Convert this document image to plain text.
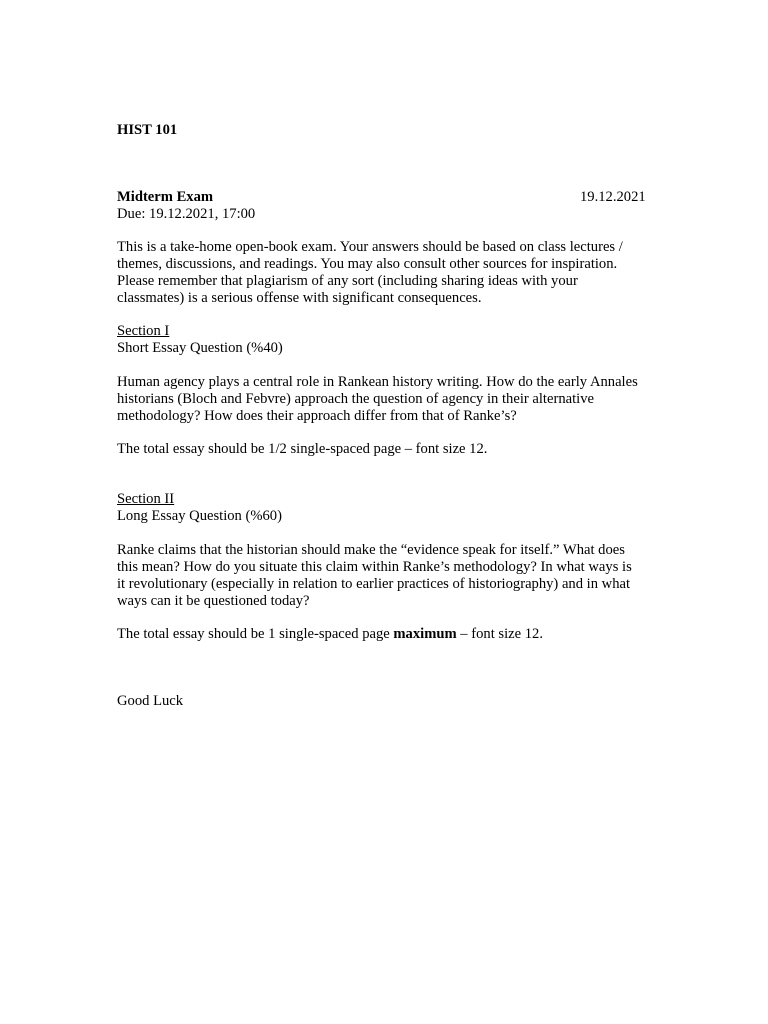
HIST 101
Midterm Exam	19.12.2021
Due: 19.12.2021, 17:00
This is a take-home open-book exam. Your answers should be based on class lectures /
themes, discussions, and readings. You may also consult other sources for inspiration.
Please remember that plagiarism of any sort (including sharing ideas with your
classmates) is a serious offense with significant consequences.
Section I
Short Essay Question (%40)
Human agency plays a central role in Rankean history writing. How do the early Annales
historians (Bloch and Febvre) approach the question of agency in their alternative
methodology? How does their approach differ from that of Ranke’s?
The total essay should be 1/2 single-spaced page – font size 12.
Section II
Long Essay Question (%60)
Ranke claims that the historian should make the “evidence speak for itself.” What does
this mean? How do you situate this claim within Ranke’s methodology? In what ways is
it revolutionary (especially in relation to earlier practices of historiography) and in what
ways can it be questioned today?
The total essay should be 1 single-spaced page maximum – font size 12.
Good Luck
